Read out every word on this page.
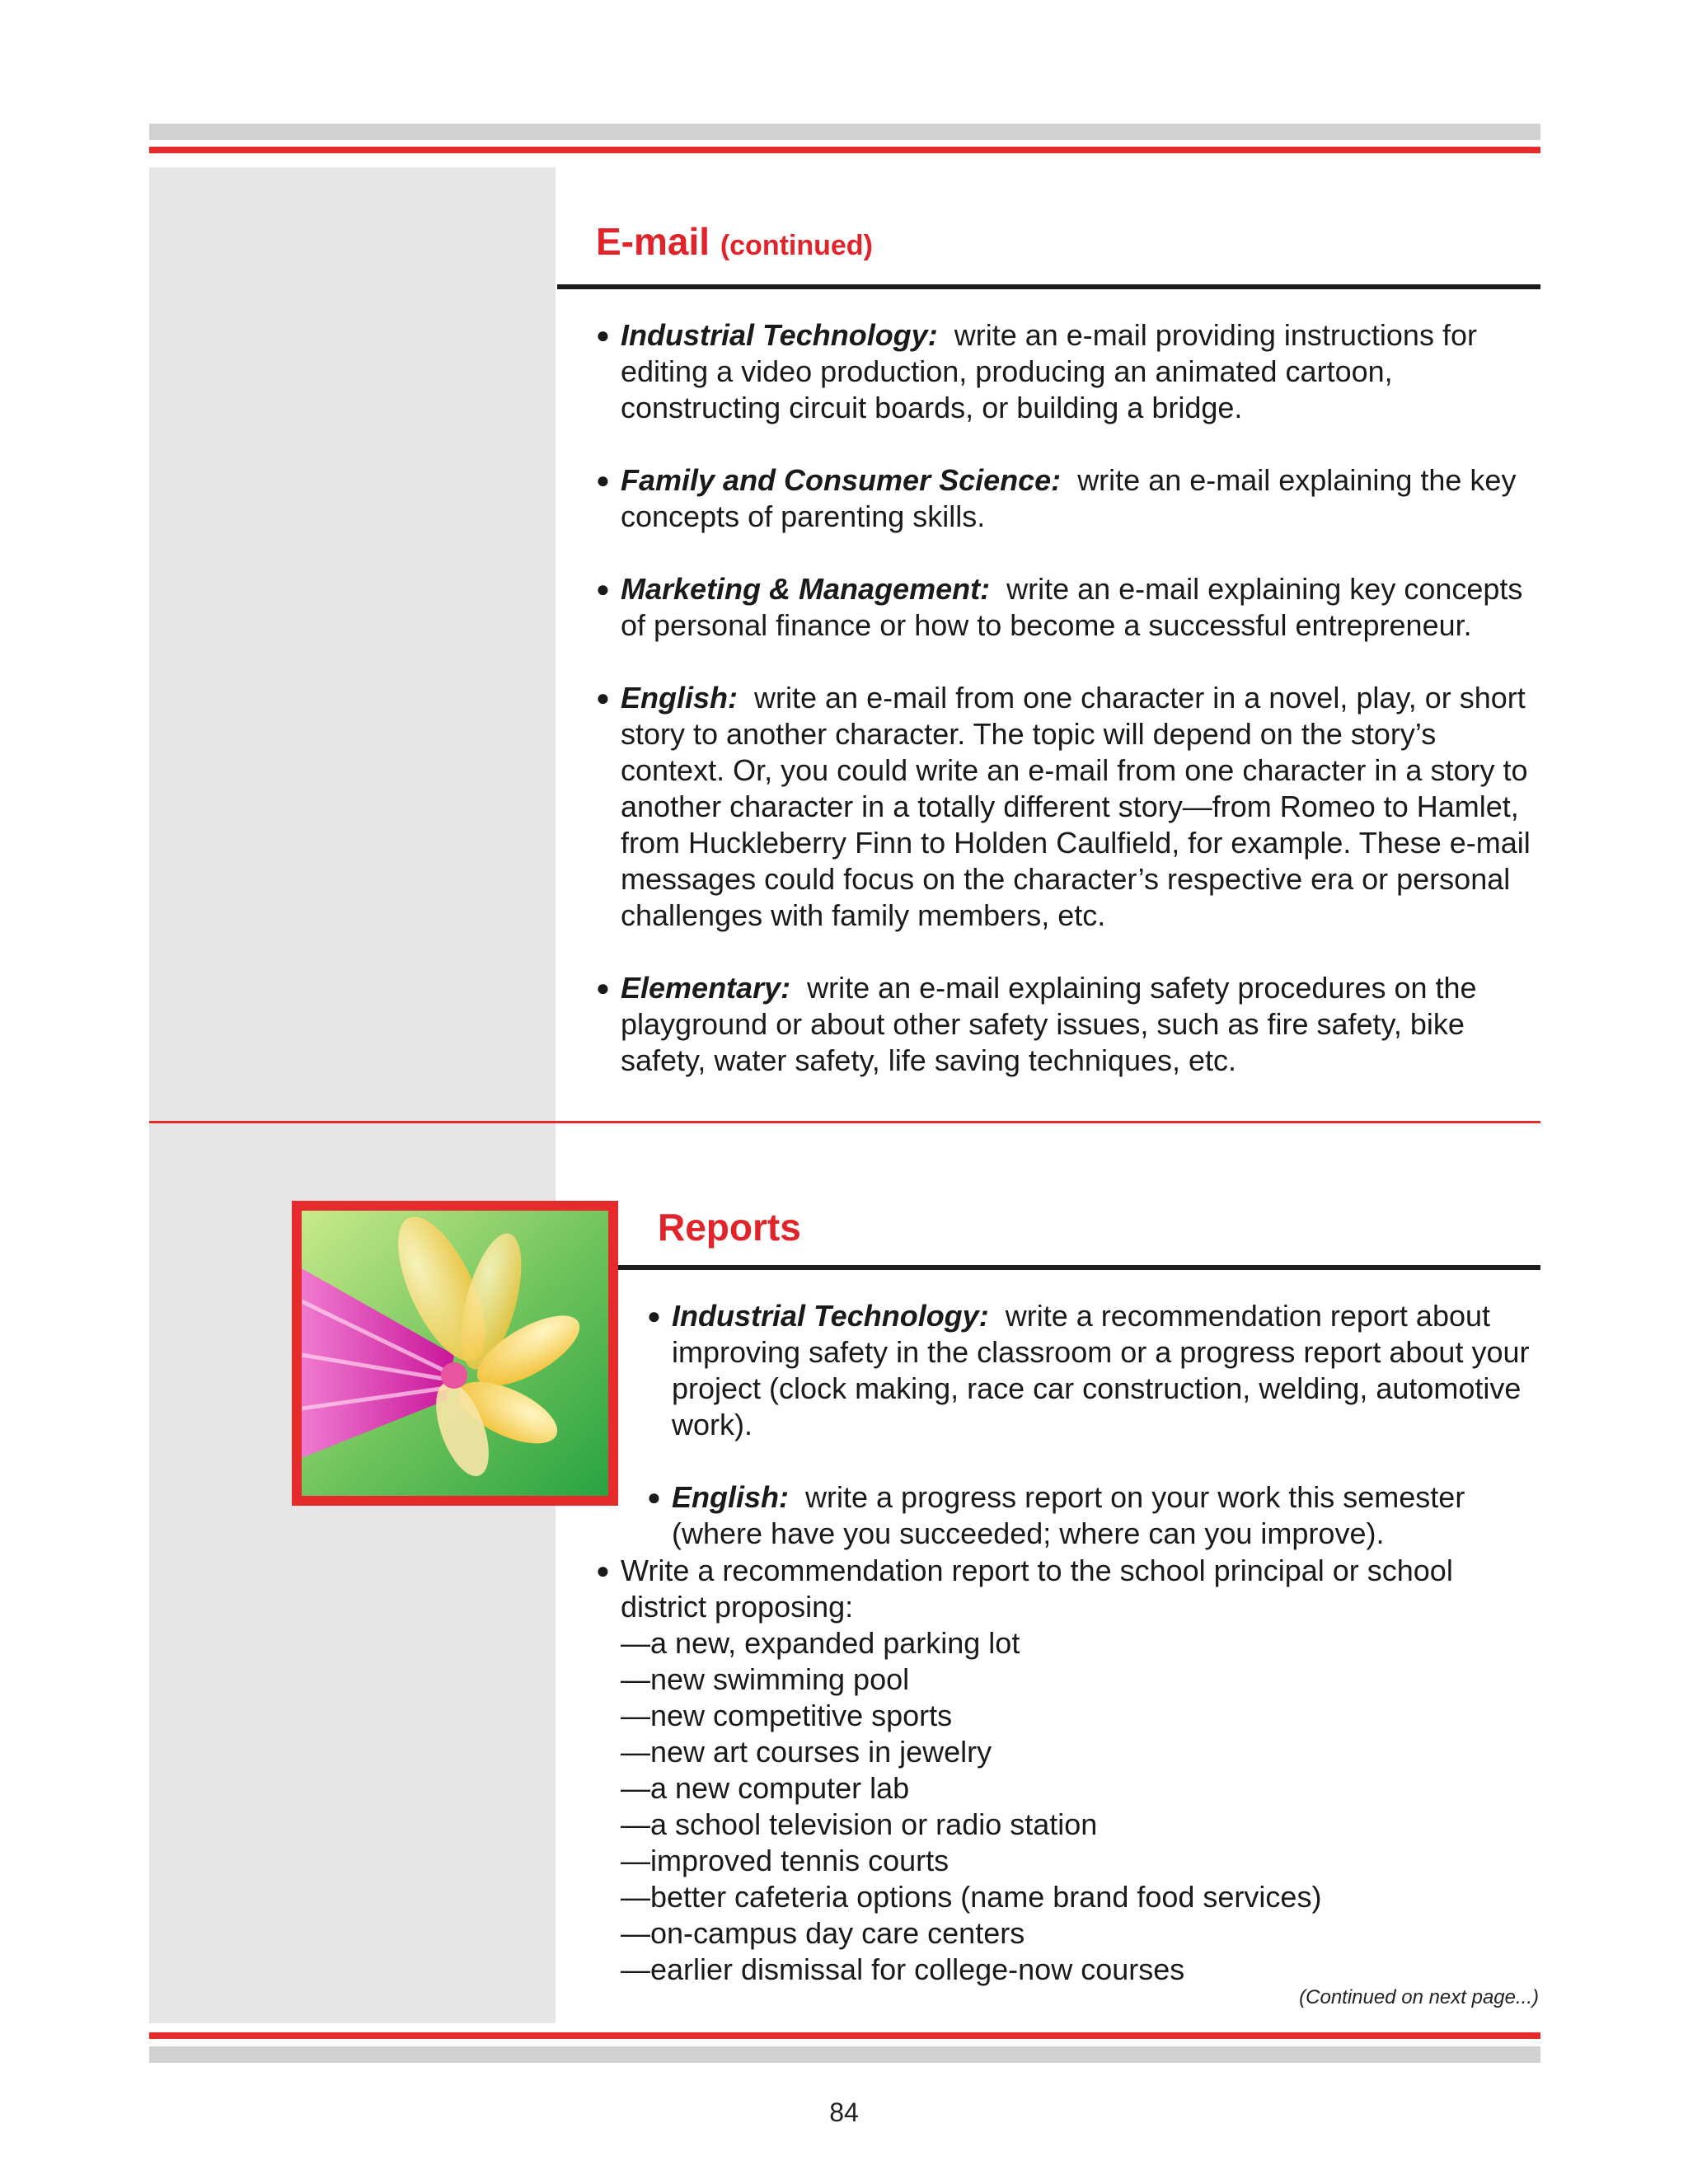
E-mail (continued)
● Industrial Technology: write an e-mail providing instructions for editing a video production, producing an animated cartoon, constructing circuit boards, or building a bridge.
● Family and Consumer Science: write an e-mail explaining the key concepts of parenting skills.
● Marketing & Management: write an e-mail explaining key concepts of personal finance or how to become a successful entrepreneur.
● English: write an e-mail from one character in a novel, play, or short story to another character. The topic will depend on the story’s context. Or, you could write an e-mail from one character in a story to another character in a totally different story—from Romeo to Hamlet, from Huckleberry Finn to Holden Caulfield, for example. These e-mail messages could focus on the character’s respective era or personal challenges with family members, etc.
● Elementary: write an e-mail explaining safety procedures on the playground or about other safety issues, such as fire safety, bike safety, water safety, life saving techniques, etc.
Reports
● Industrial Technology: write a recommendation report about improving safety in the classroom or a progress report about your project (clock making, race car construction, welding, automotive work).
● English: write a progress report on your work this semester (where have you succeeded; where can you improve).
● Write a recommendation report to the school principal or school district proposing:
—a new, expanded parking lot
—new swimming pool
—new competitive sports
—new art courses in jewelry
—a new computer lab
—a school television or radio station
—improved tennis courts
—better cafeteria options (name brand food services)
—on-campus day care centers
—earlier dismissal for college-now courses

(Continued on next page...)

84
